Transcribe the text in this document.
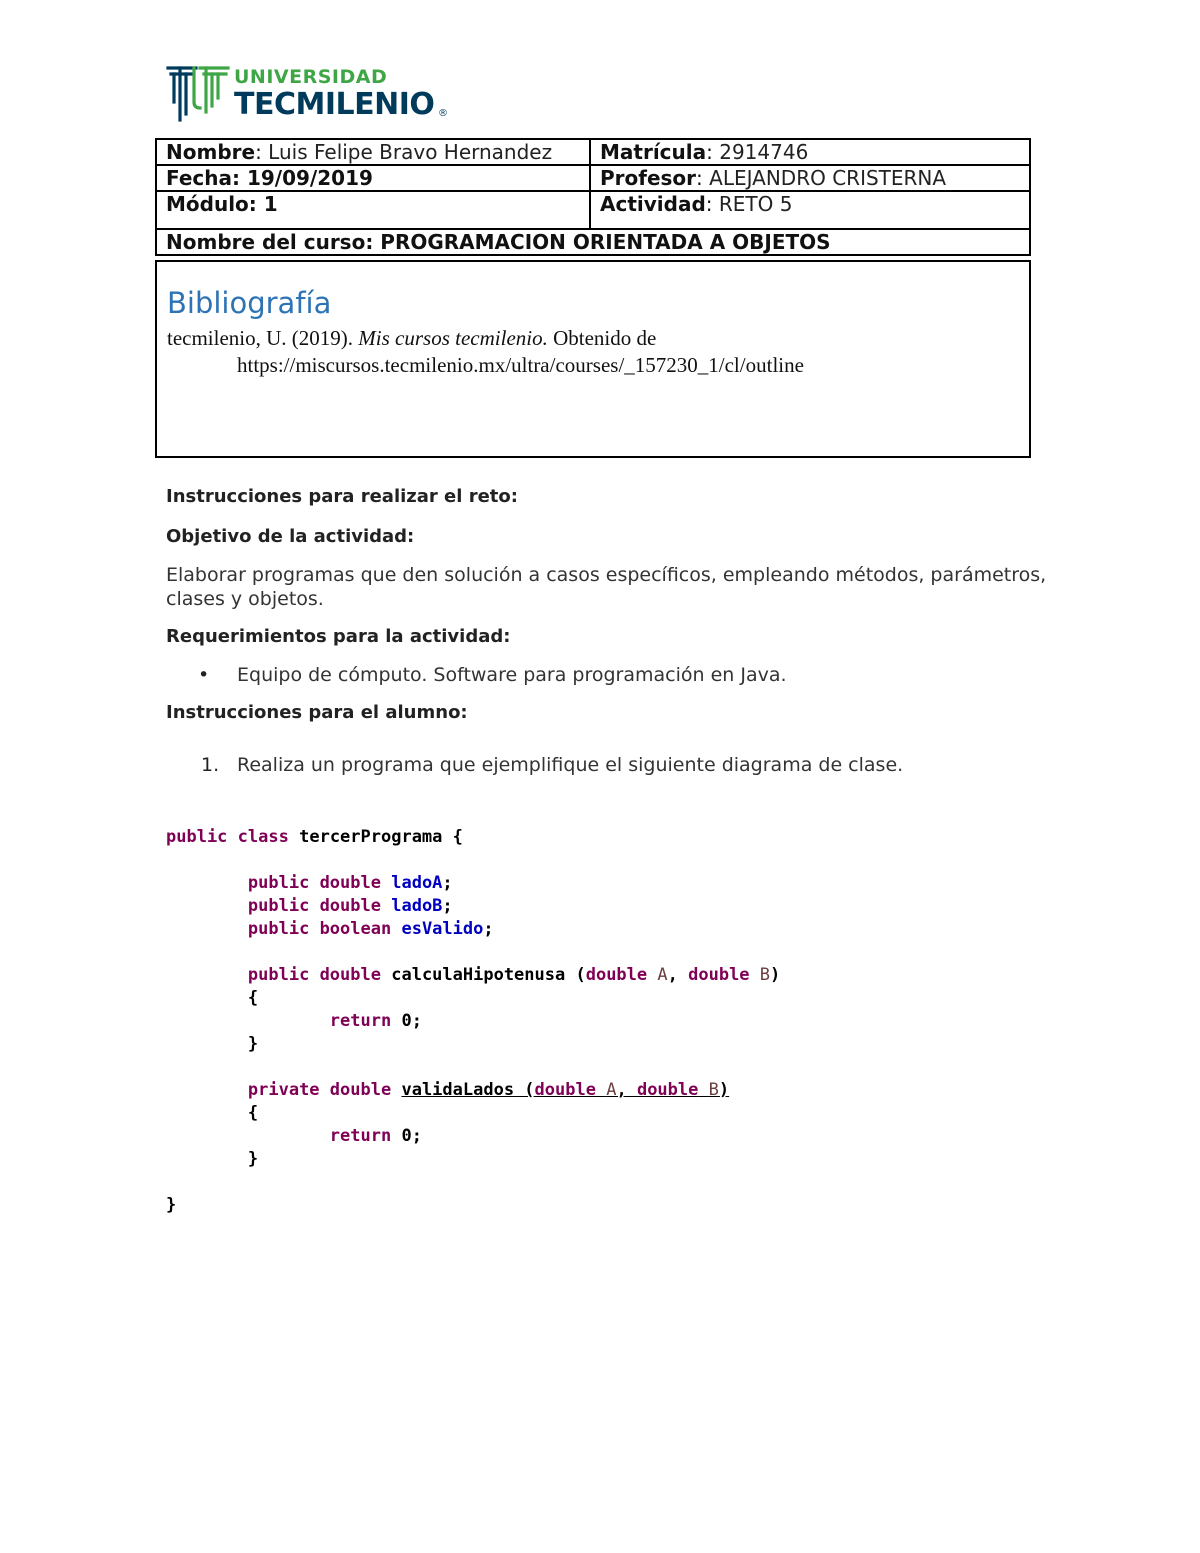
UNIVERSIDAD
TECMILENIO ®
Nombre: Luis Felipe Bravo Hernandez	Matrícula: 2914746
Fecha: 19/09/2019	Profesor: ALEJANDRO CRISTERNA
Módulo: 1	Actividad: RETO 5
Nombre del curso: PROGRAMACION ORIENTADA A OBJETOS	
Bibliografía
tecmilenio, U. (2019). Mis cursos tecmilenio. Obtenido de
https://miscursos.tecmilenio.mx/ultra/courses/_157230_1/cl/outline
Instrucciones para realizar el reto:
Objetivo de la actividad:
Elaborar programas que den solución a casos específicos, empleando métodos, parámetros,
clases y objetos.
Requerimientos para la actividad:
• Equipo de cómputo. Software para programación en Java.
Instrucciones para el alumno:
1. Realiza un programa que ejemplifique el siguiente diagrama de clase.
public class tercerPrograma {

public double ladoA;
public double ladoB;
public boolean esValido;

public double calculaHipotenusa (double A, double B)
{
return 0;
}

private double validaLados (double A, double B)
{
return 0;
}

}
